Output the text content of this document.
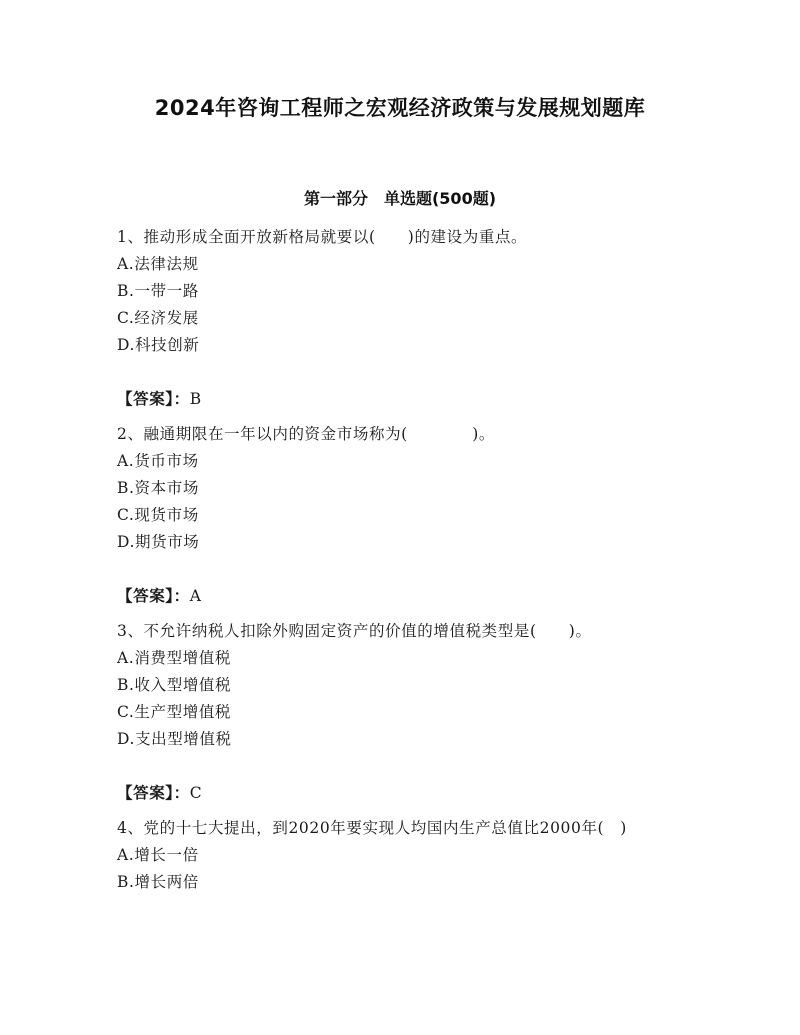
2024年咨询工程师之宏观经济政策与发展规划题库
第一部分　单选题(500题)
1、推动形成全面开放新格局就要以(　　)的建设为重点。
A.法律法规
B.一带一路
C.经济发展
D.科技创新
【答案】：B
2、融通期限在一年以内的资金市场称为(　　　　)。
A.货币市场
B.资本市场
C.现货市场
D.期货市场
【答案】：A
3、不允许纳税人扣除外购固定资产的价值的增值税类型是(　　)。
A.消费型增值税
B.收入型增值税
C.生产型增值税
D.支出型增值税
【答案】：C
4、党的十七大提出，到2020年要实现人均国内生产总值比2000年(　)
A.增长一倍
B.增长两倍
